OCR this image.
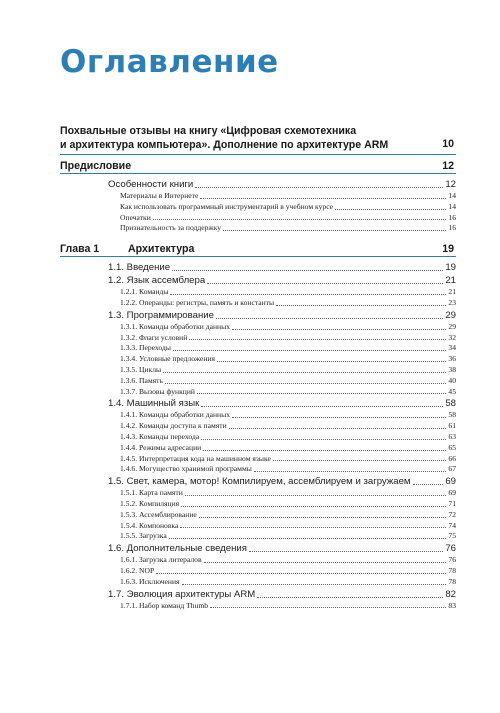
Оглавление
Похвальные отзывы на книгу «Цифровая схемотехника
и архитектура компьютера». Дополнение по архитектуре ARM	10
Предисловие	12
Особенности книги	12
Материалы в Интернете	14
Как использовать программный инструментарий в учебном курсе	14
Опечатки	16
Признательность за поддержку	16
Глава 1	Архитектура	19
1.1. Введение	19
1.2. Язык ассемблера	21
1.2.1. Команды	21
1.2.2. Операнды: регистры, память и константы	23
1.3. Программирование	29
1.3.1. Команды обработки данных	29
1.3.2. Флаги условий	32
1.3.3. Переходы	34
1.3.4. Условные предложения	36
1.3.5. Циклы	38
1.3.6. Память	40
1.3.7. Вызовы функций	45
1.4. Машинный язык	58
1.4.1. Команды обработки данных	58
1.4.2. Команды доступа к памяти	61
1.4.3. Команды перехода	63
1.4.4. Режимы адресации	65
1.4.5. Интерпретация кода на машинном языке	66
1.4.6. Могущество хранимой программы	67
1.5. Свет, камера, мотор! Компилируем, ассемблируем и загружаем	69
1.5.1. Карта памяти	69
1.5.2. Компиляция	71
1.5.3. Ассемблирование	72
1.5.4. Компоновка	74
1.5.5. Загрузка	75
1.6. Дополнительные сведения	76
1.6.1. Загрузка литералов	76
1.6.2. NOP	78
1.6.3. Исключения	78
1.7. Эволюция архитектуры ARM	82
1.7.1. Набор команд Thumb	83
